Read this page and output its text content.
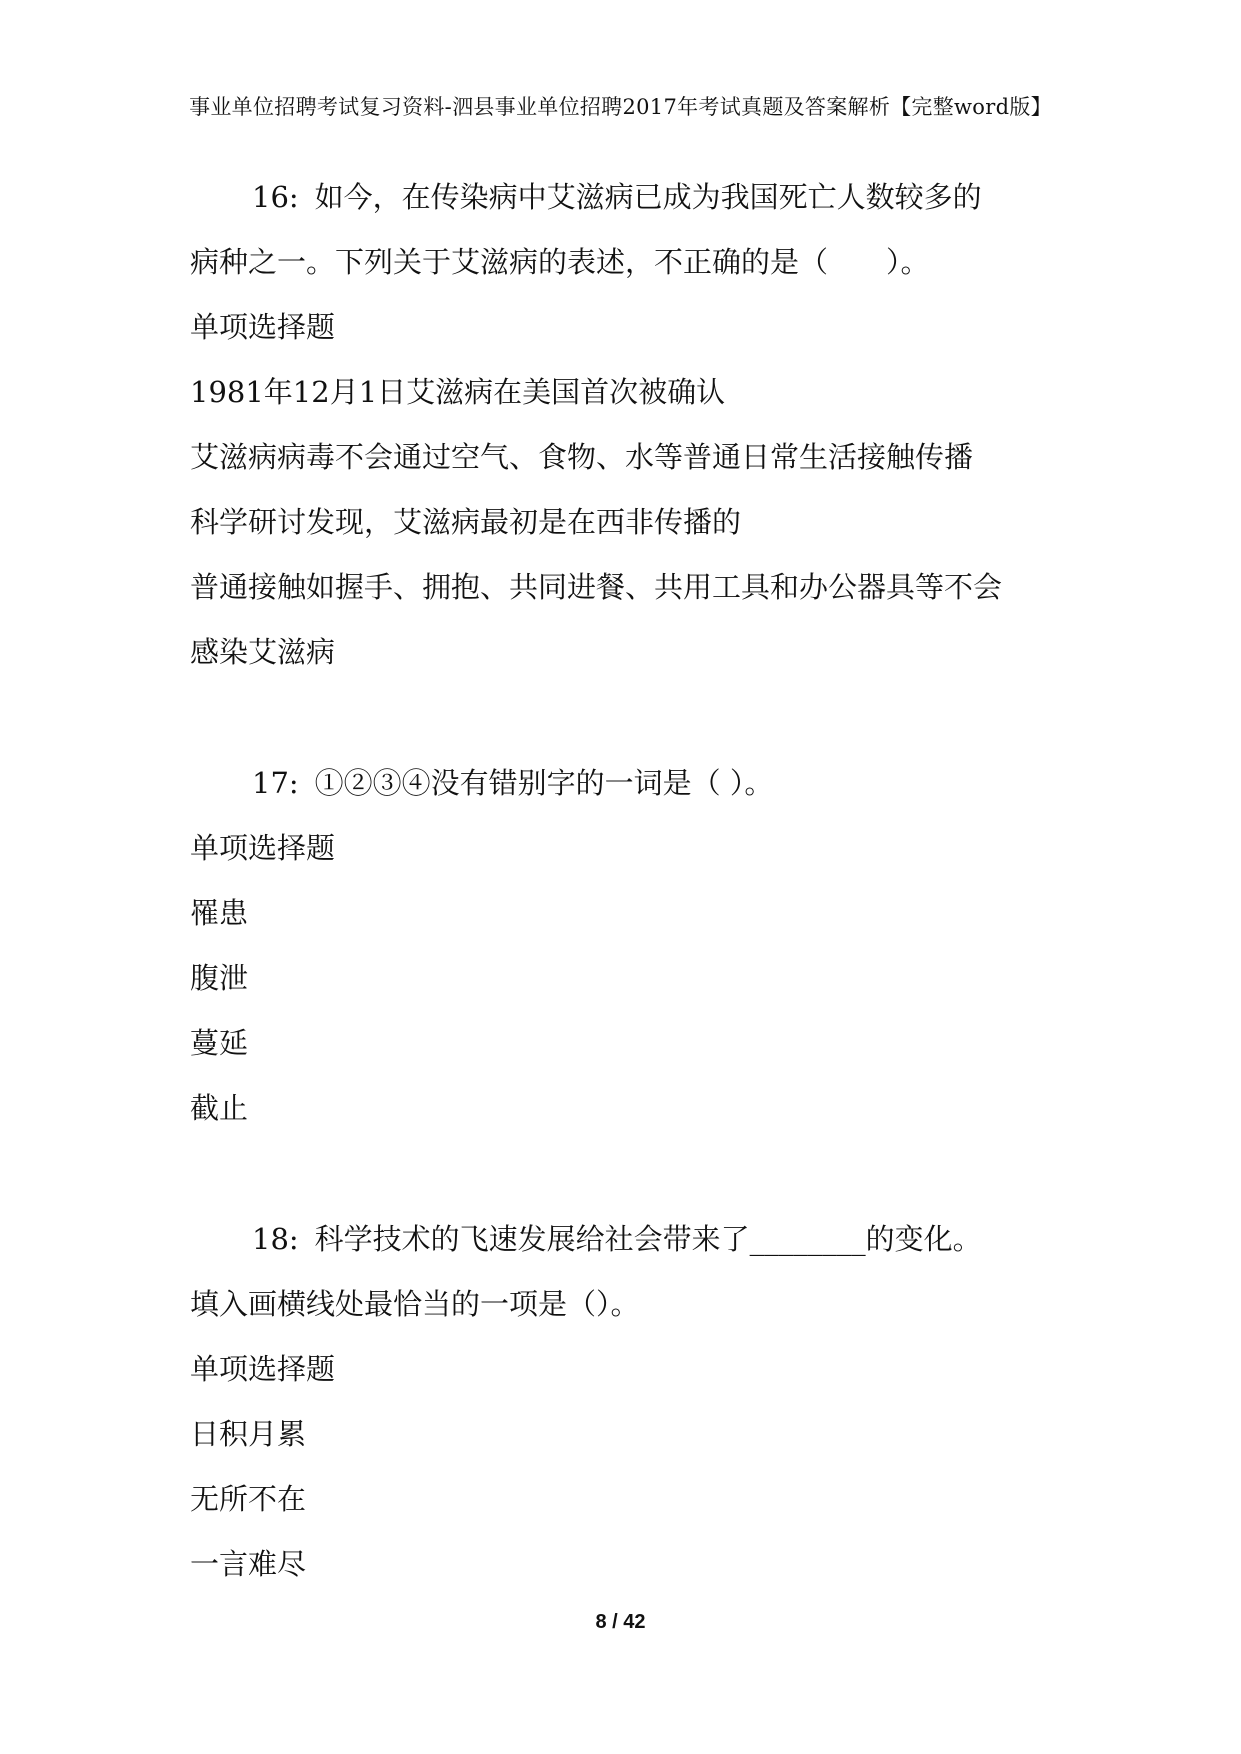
事业单位招聘考试复习资料-泗县事业单位招聘2017年考试真题及答案解析【完整word版】
16: 如今，在传染病中艾滋病已成为我国死亡人数较多的
病种之一。下列关于艾滋病的表述，不正确的是（　　）。
单项选择题
1981年12月1日艾滋病在美国首次被确认
艾滋病病毒不会通过空气、食物、水等普通日常生活接触传播
科学研讨发现，艾滋病最初是在西非传播的
普通接触如握手、拥抱、共同进餐、共用工具和办公器具等不会
感染艾滋病
17: ①②③④没有错别字的一词是（ ）。
单项选择题
罹患
腹泄
蔓延
截止
18: 科学技术的飞速发展给社会带来了________的变化。
填入画横线处最恰当的一项是（）。
单项选择题
日积月累
无所不在
一言难尽
8 / 42
